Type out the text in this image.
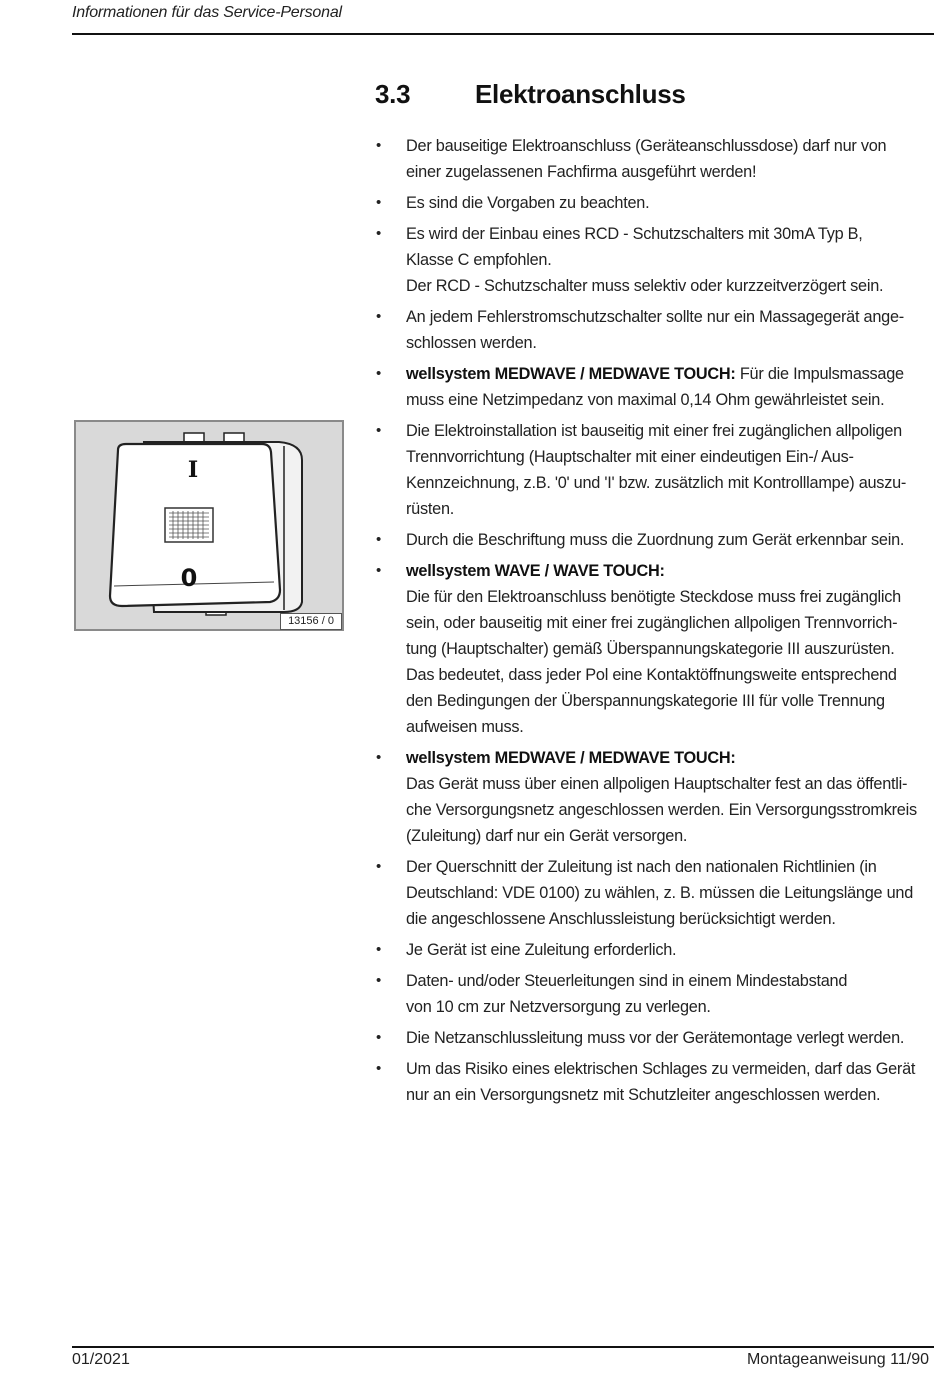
Informationen für das Service-Personal
3.3 Elektroanschluss
• Der bauseitige Elektroanschluss (Geräteanschlussdose) darf nur von
einer zugelassenen Fachfirma ausgeführt werden!
• Es sind die Vorgaben zu beachten.
• Es wird der Einbau eines RCD - Schutzschalters mit 30mA Typ B,
Klasse C empfohlen.
Der RCD - Schutzschalter muss selektiv oder kurzzeitverzögert sein.
• An jedem Fehlerstromschutzschalter sollte nur ein Massagegerät ange-
schlossen werden.
• wellsystem MEDWAVE / MEDWAVE TOUCH: Für die Impulsmassage
muss eine Netzimpedanz von maximal 0,14 Ohm gewährleistet sein.
• Die Elektroinstallation ist bauseitig mit einer frei zugänglichen allpoligen
Trennvorrichtung (Hauptschalter mit einer eindeutigen Ein-/ Aus-
Kennzeichnung, z.B. '0' und 'I' bzw. zusätzlich mit Kontrolllampe) auszu-
rüsten.
• Durch die Beschriftung muss die Zuordnung zum Gerät erkennbar sein.
• wellsystem WAVE / WAVE TOUCH:
Die für den Elektroanschluss benötigte Steckdose muss frei zugänglich
sein, oder bauseitig mit einer frei zugänglichen allpoligen Trennvorrich-
tung (Hauptschalter) gemäß Überspannungskategorie III auszurüsten.
Das bedeutet, dass jeder Pol eine Kontaktöffnungsweite entsprechend
den Bedingungen der Überspannungskategorie III für volle Trennung
aufweisen muss.
• wellsystem MEDWAVE / MEDWAVE TOUCH:
Das Gerät muss über einen allpoligen Hauptschalter fest an das öffentli-
che Versorgungsnetz angeschlossen werden. Ein Versorgungsstromkreis
(Zuleitung) darf nur ein Gerät versorgen.
• Der Querschnitt der Zuleitung ist nach den nationalen Richtlinien (in
Deutschland: VDE 0100) zu wählen, z. B. müssen die Leitungslänge und
die angeschlossene Anschlussleistung berücksichtigt werden.
• Je Gerät ist eine Zuleitung erforderlich.
• Daten- und/oder Steuerleitungen sind in einem Mindestabstand
von 10 cm zur Netzversorgung zu verlegen.
• Die Netzanschlussleitung muss vor der Gerätemontage verlegt werden.
• Um das Risiko eines elektrischen Schlages zu vermeiden, darf das Gerät
nur an ein Versorgungsnetz mit Schutzleiter angeschlossen werden.
I
0
13156 / 0
01/2021	Montageanweisung 11/90
